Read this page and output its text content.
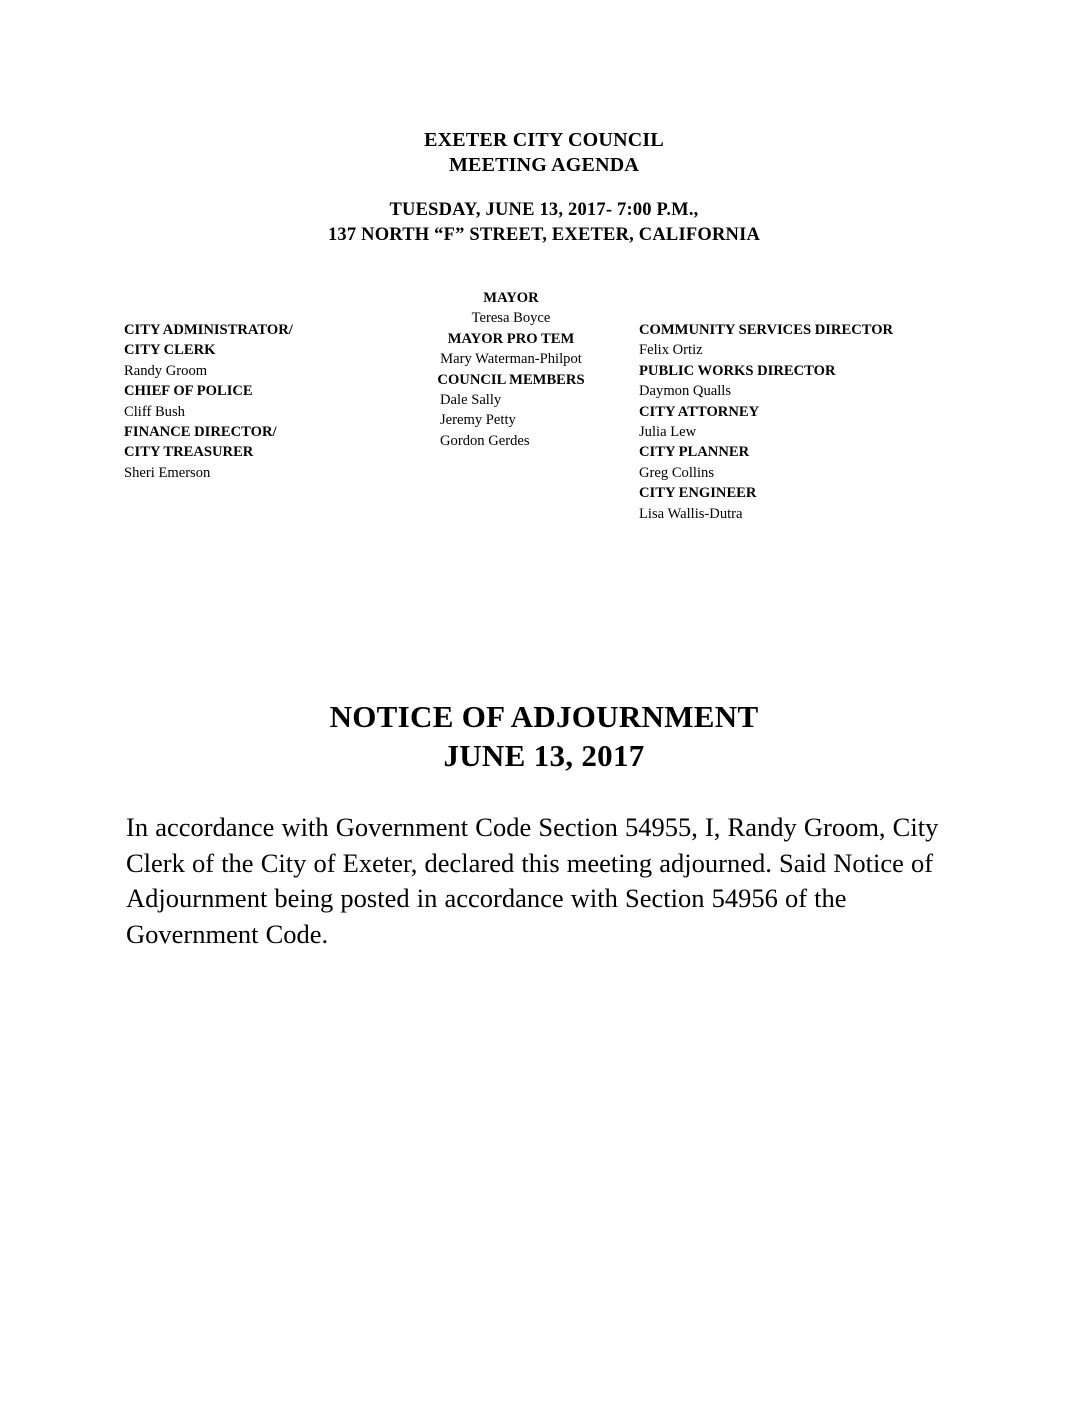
EXETER CITY COUNCIL
MEETING AGENDA
TUESDAY, JUNE 13, 2017- 7:00 P.M.,
137 NORTH “F” STREET, EXETER, CALIFORNIA
CITY ADMINISTRATOR/
CITY CLERK
Randy Groom
CHIEF OF POLICE
Cliff Bush
FINANCE DIRECTOR/
CITY TREASURER
Sheri Emerson
MAYOR
Teresa Boyce
MAYOR PRO TEM
Mary Waterman-Philpot
COUNCIL MEMBERS
Dale Sally
Jeremy Petty
Gordon Gerdes
COMMUNITY SERVICES DIRECTOR
Felix Ortiz
PUBLIC WORKS DIRECTOR
Daymon Qualls
CITY ATTORNEY
Julia Lew
CITY PLANNER
Greg Collins
CITY ENGINEER
Lisa Wallis-Dutra
NOTICE OF ADJOURNMENT
JUNE 13, 2017
In accordance with Government Code Section 54955, I, Randy Groom, City Clerk of the City of Exeter, declared this meeting adjourned. Said Notice of Adjournment being posted in accordance with Section 54956 of the Government Code.
